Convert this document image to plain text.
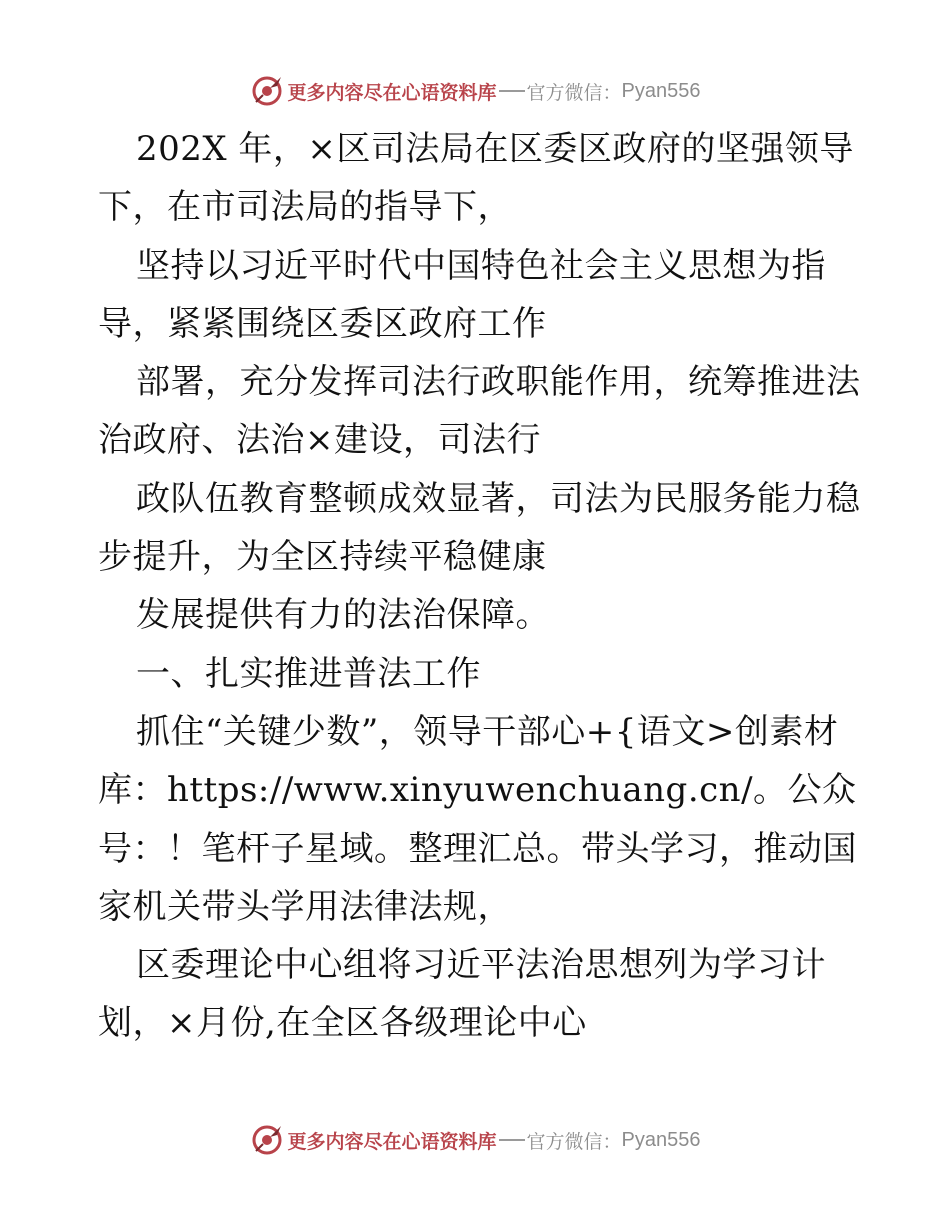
更多内容尽在心语资料库 官方微信： Pyan556
202X 年，×区司法局在区委区政府的坚强领导
下，在市司法局的指导下，
坚持以习近平时代中国特色社会主义思想为指
导，紧紧围绕区委区政府工作
部署，充分发挥司法行政职能作用，统筹推进法
治政府、法治×建设，司法行
政队伍教育整顿成效显著，司法为民服务能力稳
步提升，为全区持续平稳健康
发展提供有力的法治保障。
一、扎实推进普法工作
抓住“关键少数”，领导干部心+{语文>创素材
库：https://www.xinyuwenchuang.cn/。公众
号：！笔杆子星域。整理汇总。带头学习，推动国
家机关带头学用法律法规，
区委理论中心组将习近平法治思想列为学习计
划，×月份,在全区各级理论中心
更多内容尽在心语资料库 官方微信： Pyan556
